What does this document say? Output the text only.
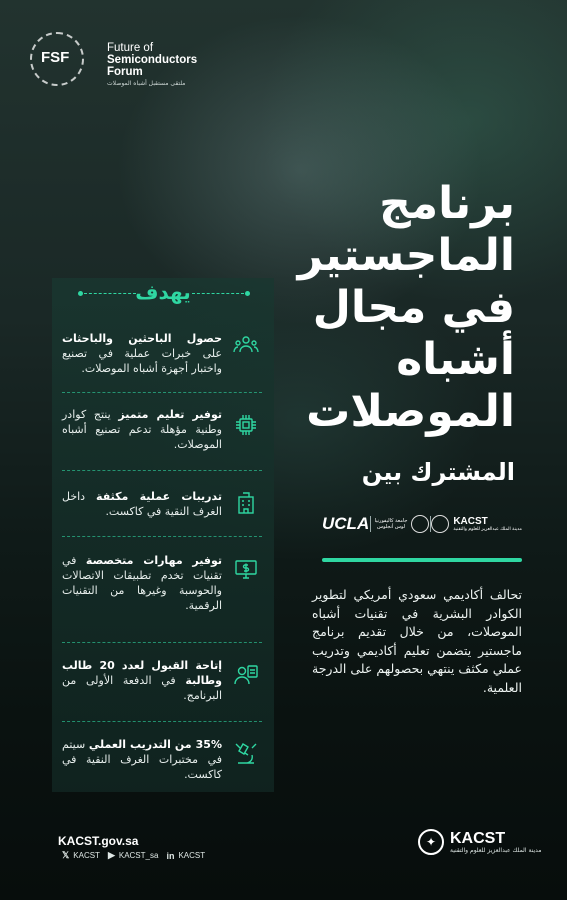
FSF
Future of
Semiconductors
Forum
ملتقى مستقبل أشباه الموصلات
برنامج
الماجستير
في مجال
أشباه
الموصلات
المشترك بين
UCLA	جامعة كاليفورنيا لوس أنجلوس	KACST
مدينة الملك عبدالعزيز للعلوم والتقنية
تحالف أكاديمي سعودي أمريكي لتطوير الكوادر البشرية في تقنيات أشباه الموصلات، من خلال تقديم برنامج ماجستير يتضمن تعليم أكاديمي وتدريب عملي مكثف ينتهي بحصولهم على الدرجة العلمية.
يهدف
حصول الباحثين والباحثات على خبرات عملية في تصنيع واختبار أجهزة أشباه الموصلات.
توفير تعليم متميز ينتج كوادر وطنية مؤهلة تدعم تصنيع أشباه الموصلات.
تدريبات عملية مكثفة داخل الغرف النقية في كاكست.
توفير مهارات متخصصة في تقنيات تخدم تطبيقات الاتصالات والحوسبة وغيرها من التقنيات الرقمية.
إتاحة القبول لعدد 20 طالب وطالبة في الدفعة الأولى من البرنامج.
35% من التدريب العملي سيتم في مختبرات الغرف النقية في كاكست.
KACST.gov.sa
𝕏 KACST ▶ KACST_sa in KACST
✦ KACST
مدينة الملك عبدالعزيز للعلوم والتقنية
